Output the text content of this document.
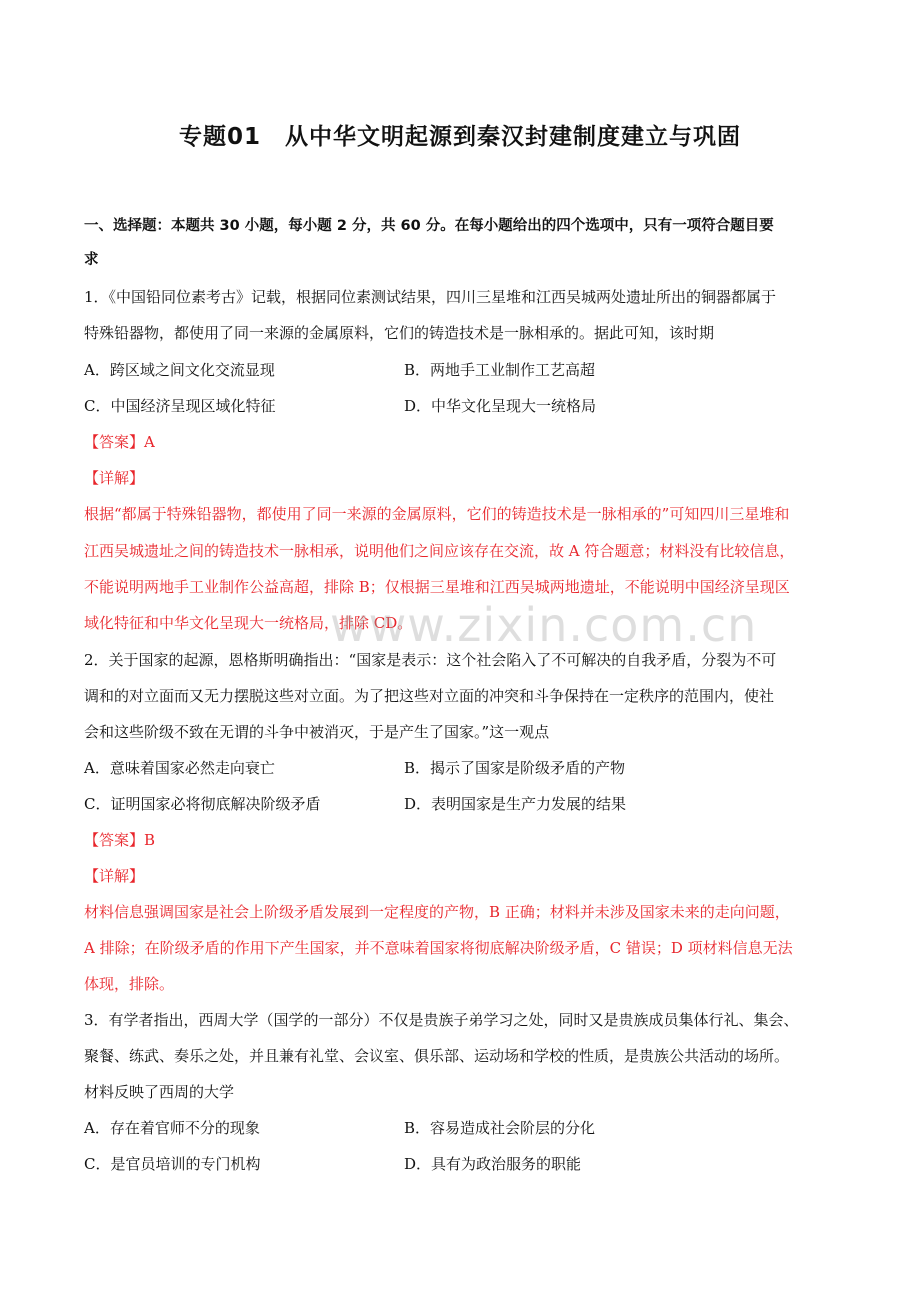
专题01　从中华文明起源到秦汉封建制度建立与巩固
一、选择题：本题共 30 小题，每小题 2 分，共 60 分。在每小题给出的四个选项中，只有一项符合题目要
求
1．《中国铅同位素考古》记载，根据同位素测试结果，四川三星堆和江西吴城两处遗址所出的铜器都属于
特殊铅器物，都使用了同一来源的金属原料，它们的铸造技术是一脉相承的。据此可知，该时期
A．跨区域之间文化交流显现	B．两地手工业制作工艺高超
C．中国经济呈现区域化特征	D．中华文化呈现大一统格局
【答案】A
【详解】
根据“都属于特殊铅器物，都使用了同一来源的金属原料，它们的铸造技术是一脉相承的”可知四川三星堆和
江西吴城遗址之间的铸造技术一脉相承，说明他们之间应该存在交流，故 A 符合题意；材料没有比较信息，
不能说明两地手工业制作公益高超，排除 B；仅根据三星堆和江西吴城两地遗址，不能说明中国经济呈现区
域化特征和中华文化呈现大一统格局，排除 CD。
2．关于国家的起源，恩格斯明确指出：“国家是表示：这个社会陷入了不可解决的自我矛盾，分裂为不可
调和的对立面而又无力摆脱这些对立面。为了把这些对立面的冲突和斗争保持在一定秩序的范围内，使社
会和这些阶级不致在无谓的斗争中被消灭，于是产生了国家。”这一观点
A．意味着国家必然走向衰亡	B．揭示了国家是阶级矛盾的产物
C．证明国家必将彻底解决阶级矛盾	D．表明国家是生产力发展的结果
【答案】B
【详解】
材料信息强调国家是社会上阶级矛盾发展到一定程度的产物，B 正确；材料并未涉及国家未来的走向问题，
A 排除；在阶级矛盾的作用下产生国家，并不意味着国家将彻底解决阶级矛盾，C 错误；D 项材料信息无法
体现，排除。
3．有学者指出，西周大学（国学的一部分）不仅是贵族子弟学习之处，同时又是贵族成员集体行礼、集会、
聚餐、练武、奏乐之处，并且兼有礼堂、会议室、俱乐部、运动场和学校的性质，是贵族公共活动的场所。
材料反映了西周的大学
A．存在着官师不分的现象	B．容易造成社会阶层的分化
C．是官员培训的专门机构	D．具有为政治服务的职能
www.zixin.com.cn
